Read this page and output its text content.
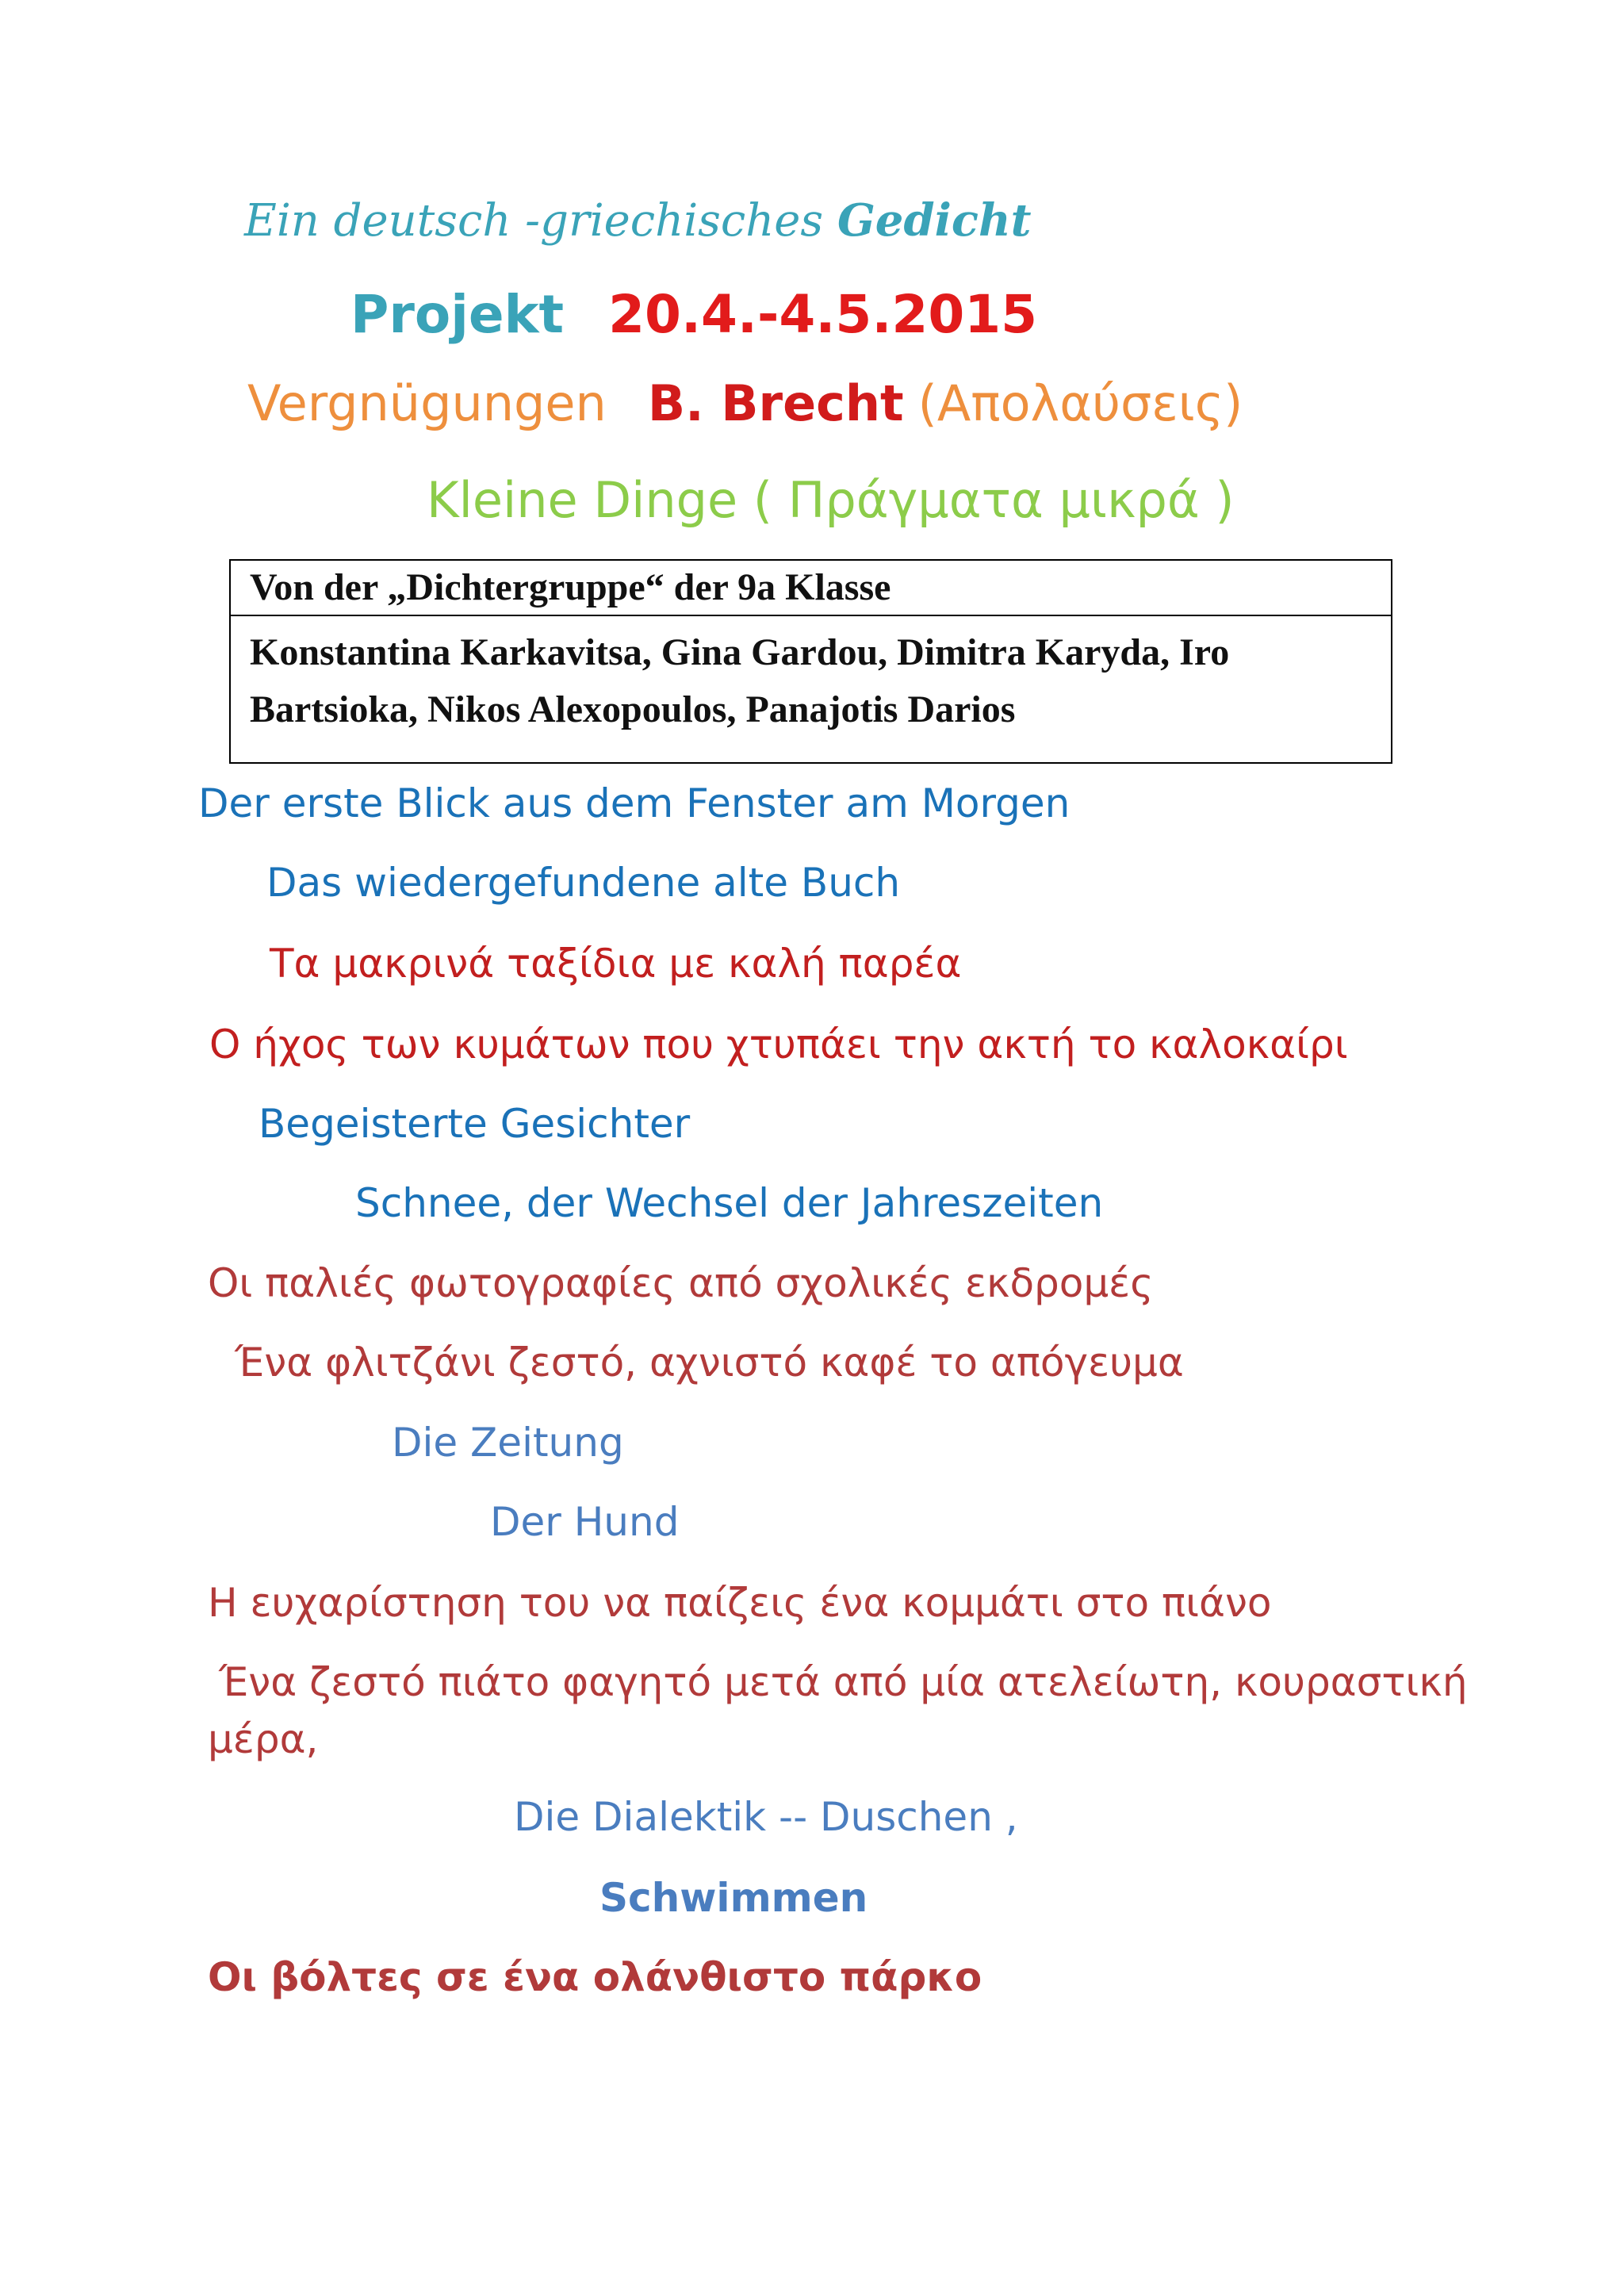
Ein deutsch -griechisches Gedicht
Projekt 20.4.-4.5.2015
Vergnügungen B. Brecht (Απολαύσεις)
Kleine Dinge ( Πράγματα μικρά )
Von der „Dichtergruppe“ der 9a Klasse
Konstantina Karkavitsa, Gina Gardou, Dimitra Karyda, Iro Bartsioka, Nikos Alexopoulos, Panajotis Darios
Der erste Blick aus dem Fenster am Morgen
Das wiedergefundene alte Buch
Τα μακρινά ταξίδια με καλή παρέα
Ο ήχος των κυμάτων που χτυπάει την ακτή το καλοκαίρι
Begeisterte Gesichter
Schnee, der Wechsel der Jahreszeiten
Οι παλιές φωτογραφίες από σχολικές εκδρομές
Ένα φλιτζάνι ζεστό, αχνιστό καφέ το απόγευμα
Die Zeitung
Der Hund
Η ευχαρίστηση του να παίζεις ένα κομμάτι στο πιάνο
Ένα ζεστό πιάτο φαγητό μετά από μία ατελείωτη, κουραστική
μέρα,
Die Dialektik -- Duschen ,
Schwimmen
Οι βόλτες σε ένα ολάνθιστο πάρκο
